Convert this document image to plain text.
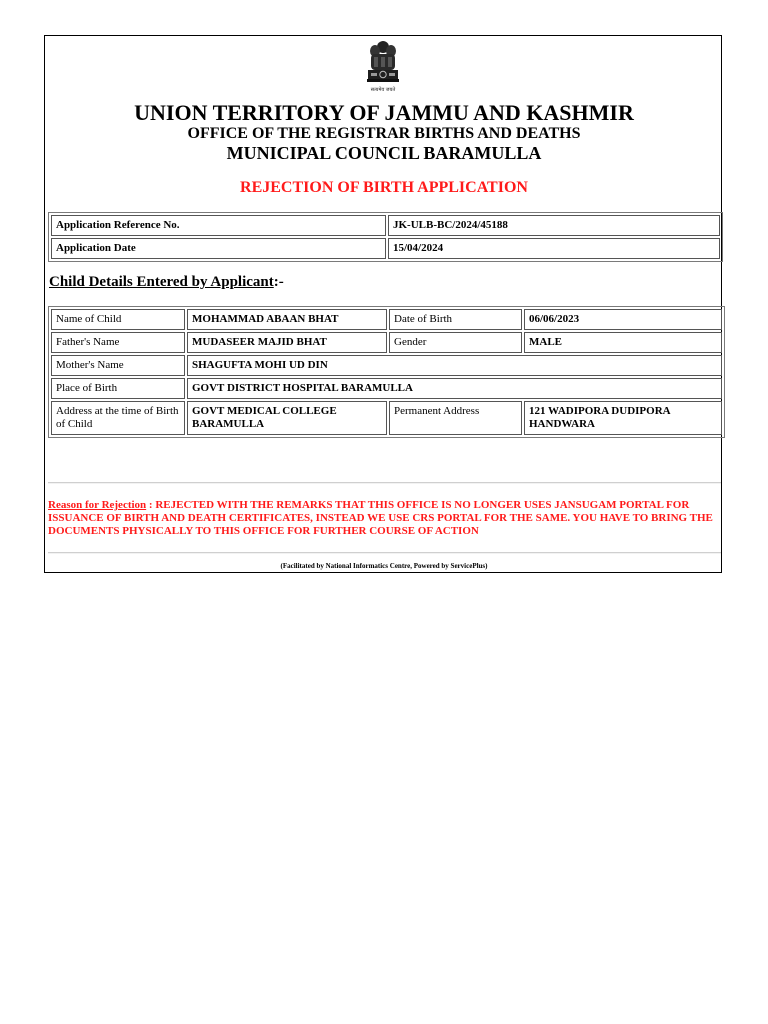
सत्यमेव जयते
UNION TERRITORY OF JAMMU AND KASHMIR
OFFICE OF THE REGISTRAR BIRTHS AND DEATHS
MUNICIPAL COUNCIL BARAMULLA
REJECTION OF BIRTH APPLICATION
Application Reference No.	JK-ULB-BC/2024/45188
Application Date	15/04/2024
Child Details Entered by Applicant:-
Name of Child	MOHAMMAD ABAAN BHAT	Date of Birth	06/06/2023
Father's Name	MUDASEER MAJID BHAT	Gender	MALE
Mother's Name	SHAGUFTA MOHI UD DIN		
Place of Birth	GOVT DISTRICT HOSPITAL BARAMULLA		
Address at the time of Birth of Child	GOVT MEDICAL COLLEGE BARAMULLA	Permanent Address	121 WADIPORA DUDIPORA HANDWARA
Reason for Rejection : REJECTED WITH THE REMARKS THAT THIS OFFICE IS NO LONGER USES JANSUGAM PORTAL FOR ISSUANCE OF BIRTH AND DEATH CERTIFICATES, INSTEAD WE USE CRS PORTAL FOR THE SAME. YOU HAVE TO BRING THE DOCUMENTS PHYSICALLY TO THIS OFFICE FOR FURTHER COURSE OF ACTION
(Facilitated by National Informatics Centre, Powered by ServicePlus)
